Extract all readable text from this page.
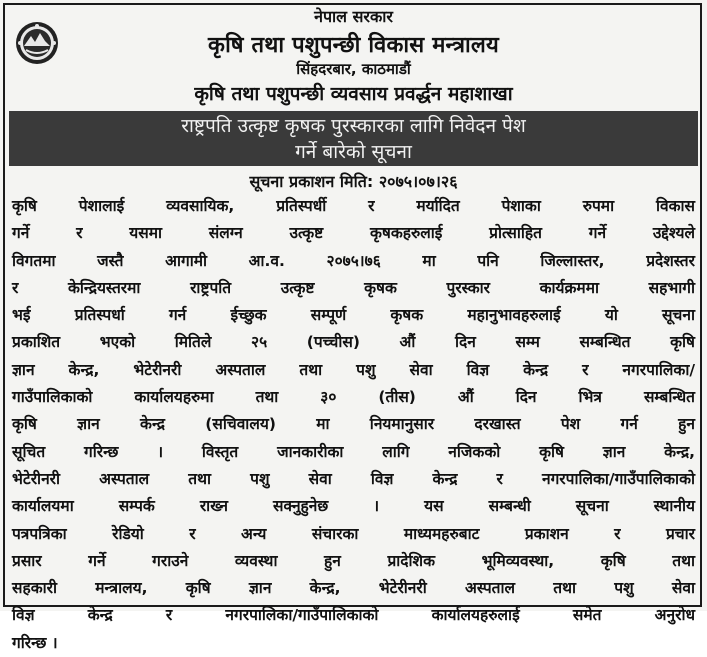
नेपाल सरकार
कृषि तथा पशुपन्छी विकास मन्त्रालय
सिंहदरबार, काठमाडौं
कृषि तथा पशुपन्छी व्यवसाय प्रवर्द्धन महाशाखा
राष्ट्रपति उत्कृष्ट कृषक पुरस्कारका लागि निवेदन पेश
गर्ने बारेको सूचना
सूचना प्रकाशन मिति: २०७५।०७।२६
कृषि पेशालाई व्यवसायिक, प्रतिस्पर्धी र मर्यादित पेशाका रुपमा विकास
गर्ने र यसमा संलग्न उत्कृष्ट कृषकहरुलाई प्रोत्साहित गर्ने उद्देश्यले
विगतमा जस्तै आगामी आ.व. २०७५।७६ मा पनि जिल्लास्तर, प्रदेशस्तर
र केन्द्रियस्तरमा राष्ट्रपति उत्कृष्ट कृषक पुरस्कार कार्यक्रममा सहभागी
भई प्रतिस्पर्धा गर्न ईच्छुक सम्पूर्ण कृषक महानुभावहरुलाई यो सूचना
प्रकाशित भएको मितिले २५ (पच्चीस) औं दिन सम्म सम्बन्धित कृषि
ज्ञान केन्द्र, भेटेरीनरी अस्पताल तथा पशु सेवा विज्ञ केन्द्र र नगरपालिका/
गाउँपालिकाको कार्यालयहरुमा तथा ३० (तीस) औं दिन भित्र सम्बन्धित
कृषि ज्ञान केन्द्र (सचिवालय) मा नियमानुसार दरखास्त पेश गर्न हुन
सूचित गरिन्छ । विस्तृत जानकारीका लागि नजिकको कृषि ज्ञान केन्द्र,
भेटेरीनरी अस्पताल तथा पशु सेवा विज्ञ केन्द्र र नगरपालिका/गाउँपालिकाको
कार्यालयमा सम्पर्क राख्न सक्नुहुनेछ । यस सम्बन्धी सूचना स्थानीय
पत्रपत्रिका रेडियो र अन्य संचारका माध्यमहरुबाट प्रकाशन र प्रचार
प्रसार गर्ने गराउने व्यवस्था हुन प्रादेशिक भूमिव्यवस्था, कृषि तथा
सहकारी मन्त्रालय, कृषि ज्ञान केन्द्र, भेटेरीनरी अस्पताल तथा पशु सेवा
विज्ञ केन्द्र र नगरपालिका/गाउँपालिकाको कार्यालयहरुलाई समेत अनुरोध
गरिन्छ ।
